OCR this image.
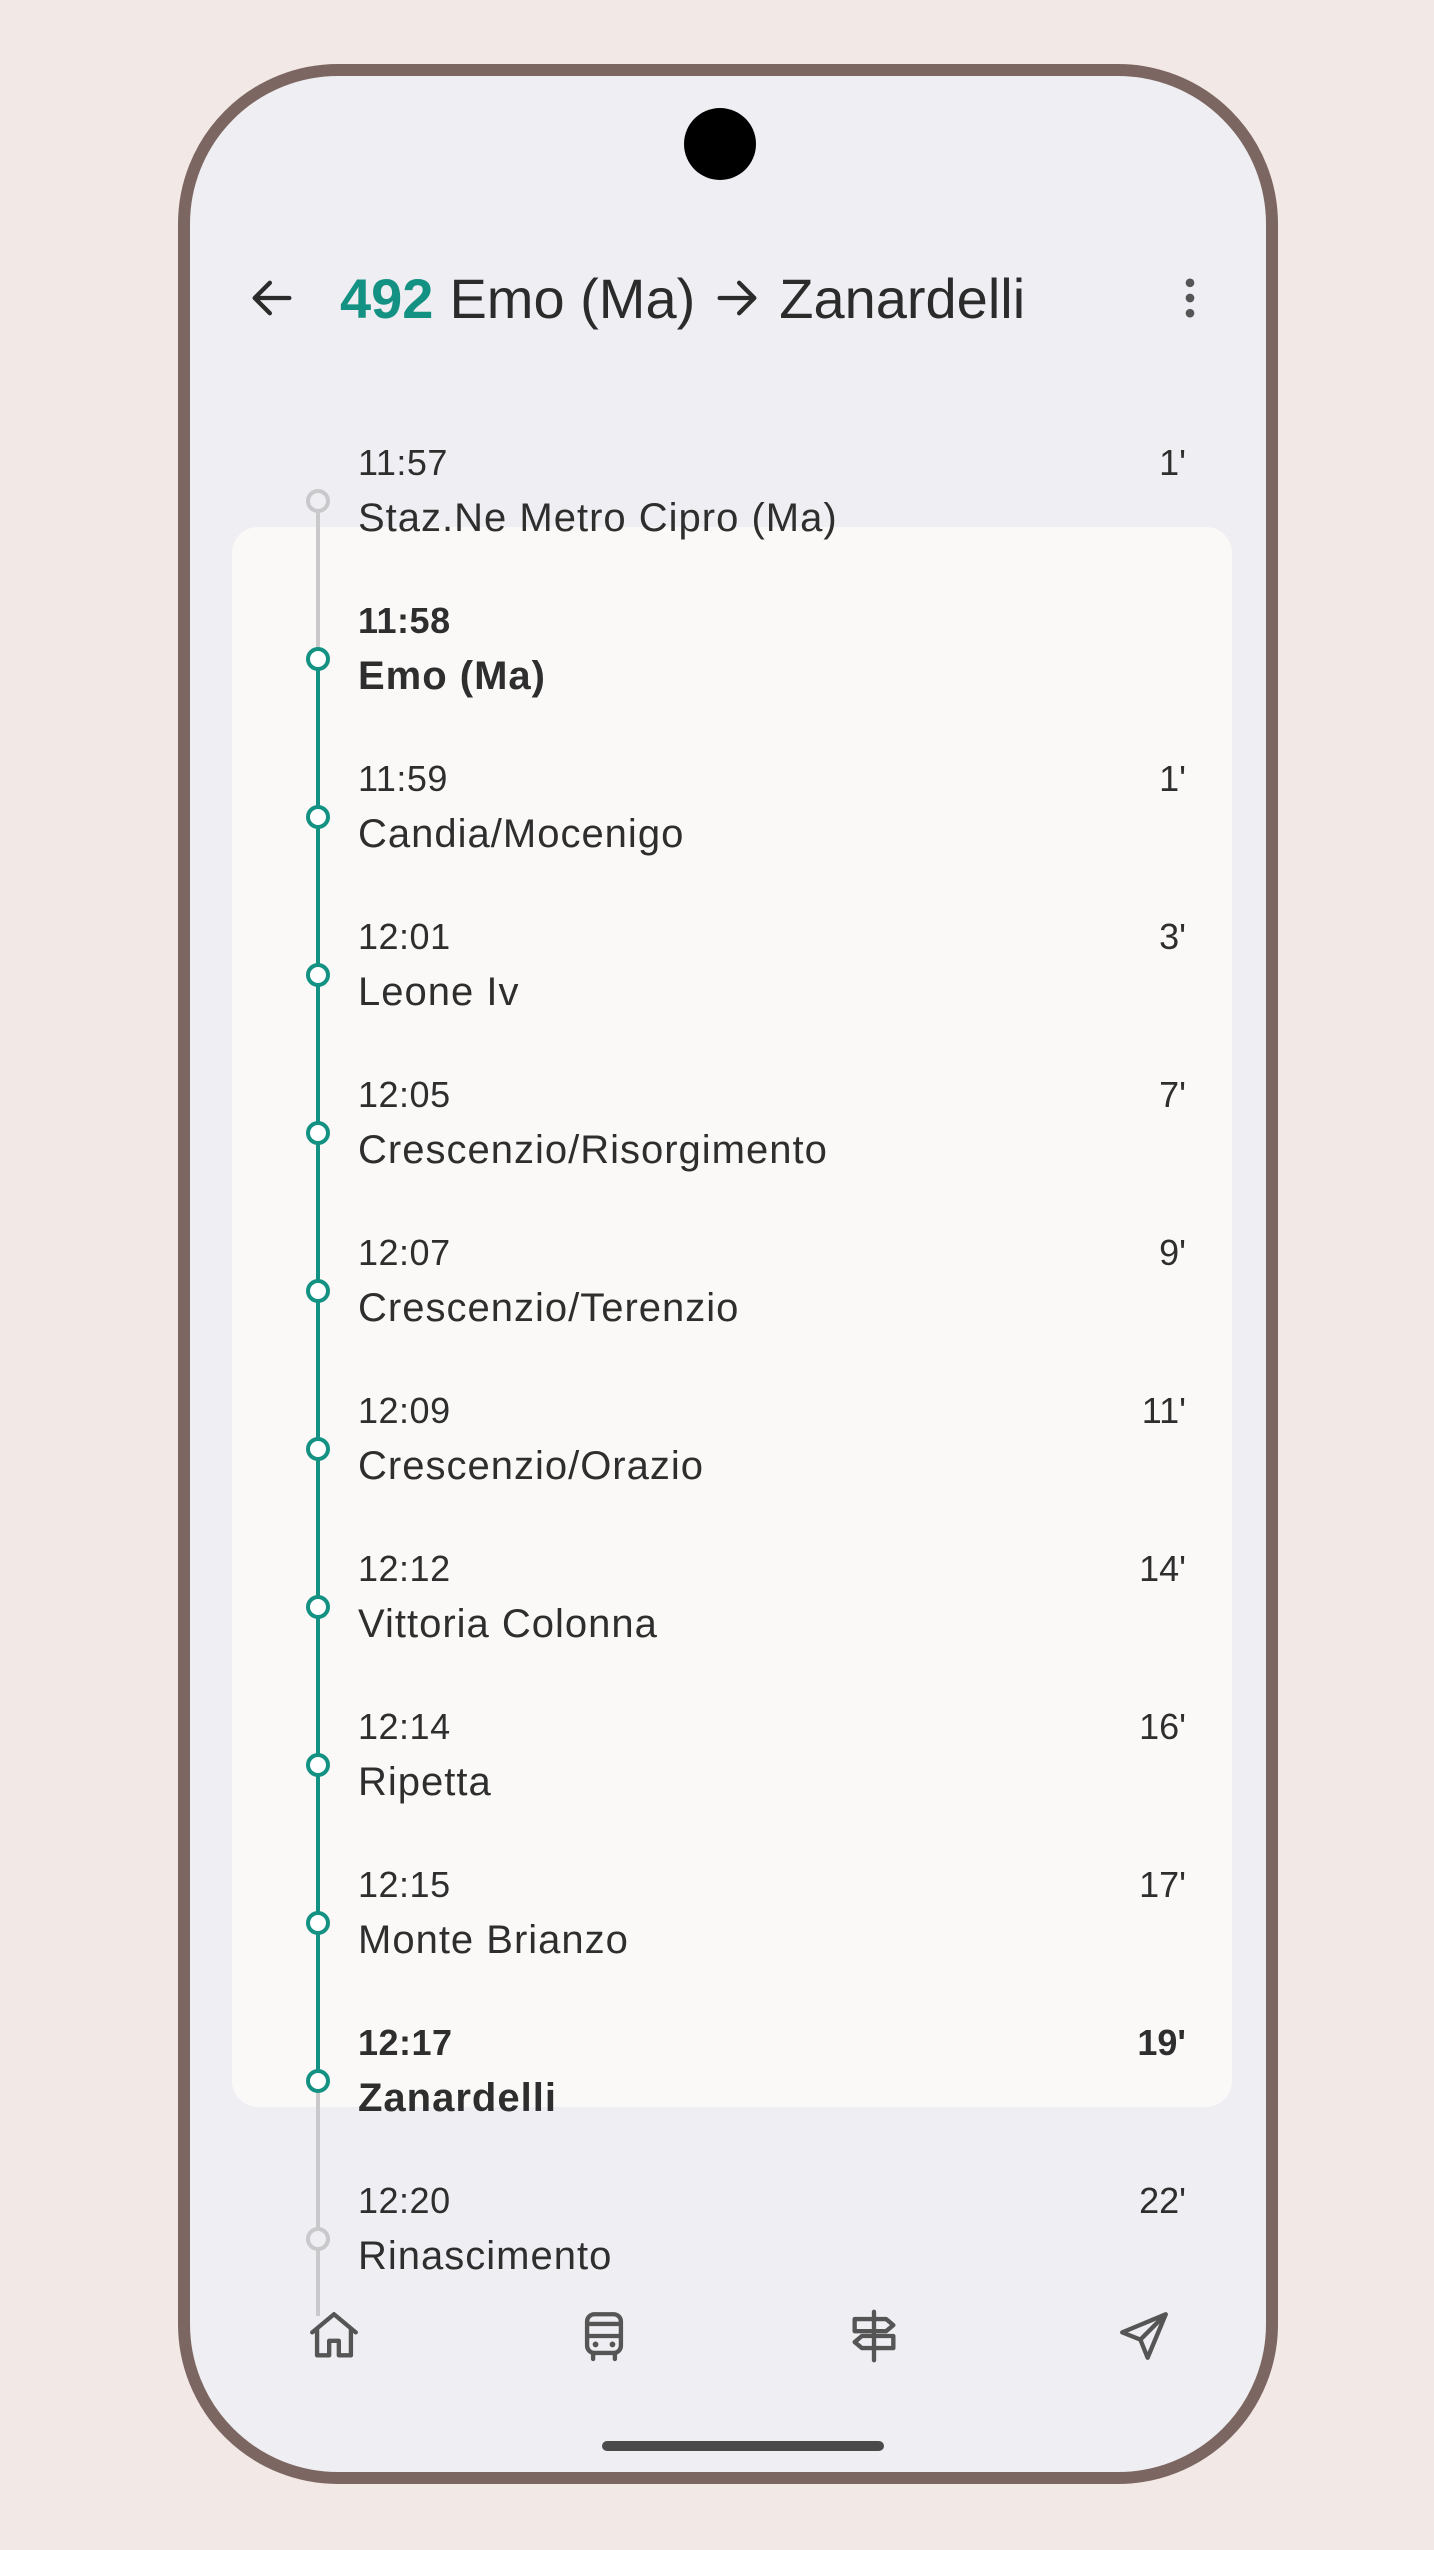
492 Emo (Ma) Zanardelli
11:57
Staz.Ne Metro Cipro (Ma)
1'
11:58
Emo (Ma)
11:59
Candia/Mocenigo
1'
12:01
Leone Iv
3'
12:05
Crescenzio/Risorgimento
7'
12:07
Crescenzio/Terenzio
9'
12:09
Crescenzio/Orazio
11'
12:12
Vittoria Colonna
14'
12:14
Ripetta
16'
12:15
Monte Brianzo
17'
12:17
Zanardelli
19'
12:20
Rinascimento
22'
